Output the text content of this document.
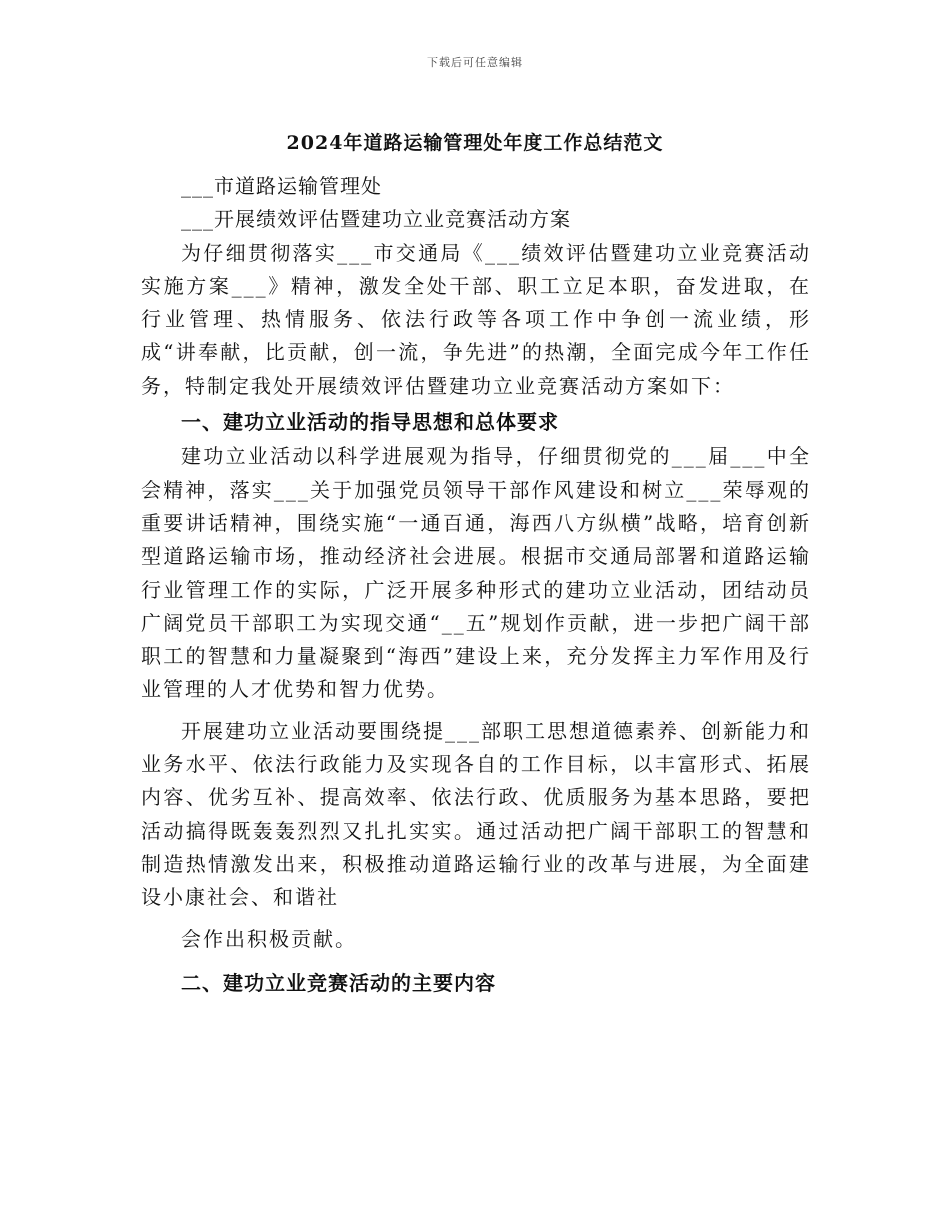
下载后可任意编辑
2024年道路运输管理处年度工作总结范文

___市道路运输管理处

___开展绩效评估暨建功立业竞赛活动方案

为仔细贯彻落实___市交通局《___绩效评估暨建功立业竞赛活动实施方案___》精神，激发全处干部、职工立足本职，奋发进取，在行业管理、热情服务、依法行政等各项工作中争创一流业绩，形成“讲奉献，比贡献，创一流，争先进”的热潮，全面完成今年工作任务，特制定我处开展绩效评估暨建功立业竞赛活动方案如下：

一、建功立业活动的指导思想和总体要求

建功立业活动以科学进展观为指导，仔细贯彻党的___届___中全会精神，落实___关于加强党员领导干部作风建设和树立___荣辱观的重要讲话精神，围绕实施“一通百通，海西八方纵横”战略，培育创新型道路运输市场，推动经济社会进展。根据市交通局部署和道路运输行业管理工作的实际，广泛开展多种形式的建功立业活动，团结动员广阔党员干部职工为实现交通“__五”规划作贡献，进一步把广阔干部职工的智慧和力量凝聚到“海西”建设上来，充分发挥主力军作用及行业管理的人才优势和智力优势。

开展建功立业活动要围绕提___部职工思想道德素养、创新能力和业务水平、依法行政能力及实现各自的工作目标，以丰富形式、拓展内容、优劣互补、提高效率、依法行政、优质服务为基本思路，要把活动搞得既轰轰烈烈又扎扎实实。通过活动把广阔干部职工的智慧和制造热情激发出来，积极推动道路运输行业的改革与进展，为全面建设小康社会、和谐社

会作出积极贡献。

二、建功立业竞赛活动的主要内容
